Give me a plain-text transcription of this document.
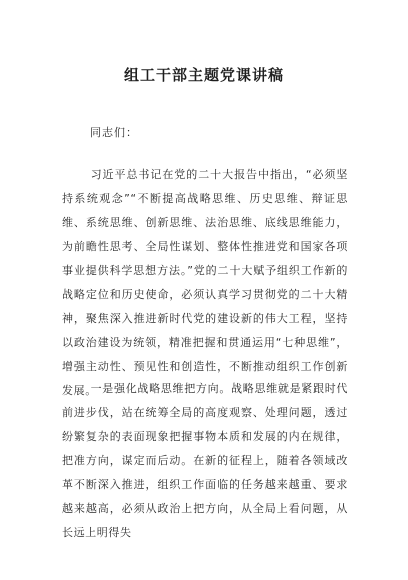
组工干部主题党课讲稿
同志们：

习近平总书记在党的二十大报告中指出，“必须坚持系统观念”“不断提高战略思维、历史思维、辩证思维、系统思维、创新思维、法治思维、底线思维能力，为前瞻性思考、全局性谋划、整体性推进党和国家各项事业提供科学思想方法。”党的二十大赋予组织工作新的战略定位和历史使命，必须认真学习贯彻党的二十大精神，聚焦深入推进新时代党的建设新的伟大工程，坚持以政治建设为统领，精准把握和贯通运用“七种思维”，增强主动性、预见性和创造性，不断推动组织工作创新发展。

一是强化战略思维把方向。战略思维就是紧跟时代前进步伐，站在统筹全局的高度观察、处理问题，透过纷繁复杂的表面现象把握事物本质和发展的内在规律，把准方向，谋定而后动。在新的征程上，随着各领域改革不断深入推进，组织工作面临的任务越来越重、要求越来越高，必须从政治上把方向，从全局上看问题，从长远上明得失
